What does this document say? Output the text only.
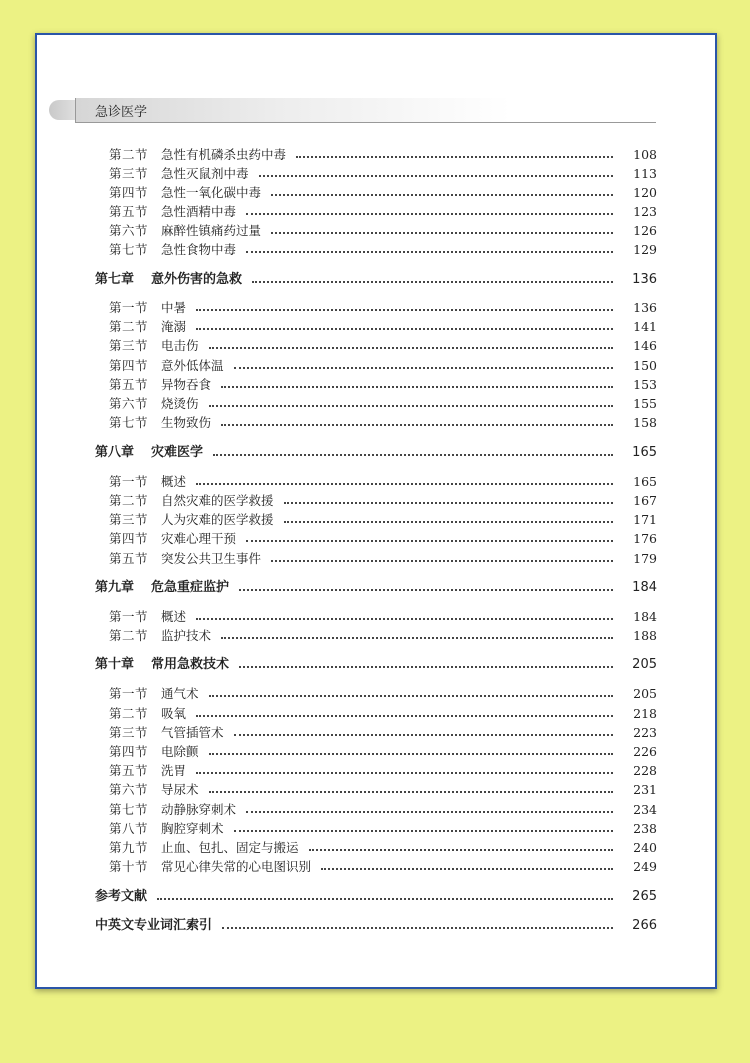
急诊医学
第二节	急性有机磷杀虫药中毒	108
第三节	急性灭鼠剂中毒	113
第四节	急性一氧化碳中毒	120
第五节	急性酒精中毒	123
第六节	麻醉性镇痛药过量	126
第七节	急性食物中毒	129
第七章	意外伤害的急救	136
第一节	中暑	136
第二节	淹溺	141
第三节	电击伤	146
第四节	意外低体温	150
第五节	异物吞食	153
第六节	烧烫伤	155
第七节	生物致伤	158
第八章	灾难医学	165
第一节	概述	165
第二节	自然灾难的医学救援	167
第三节	人为灾难的医学救援	171
第四节	灾难心理干预	176
第五节	突发公共卫生事件	179
第九章	危急重症监护	184
第一节	概述	184
第二节	监护技术	188
第十章	常用急救技术	205
第一节	通气术	205
第二节	吸氧	218
第三节	气管插管术	223
第四节	电除颤	226
第五节	洗胃	228
第六节	导尿术	231
第七节	动静脉穿刺术	234
第八节	胸腔穿刺术	238
第九节	止血、包扎、固定与搬运	240
第十节	常见心律失常的心电图识别	249
参考文献	265
中英文专业词汇索引	266
